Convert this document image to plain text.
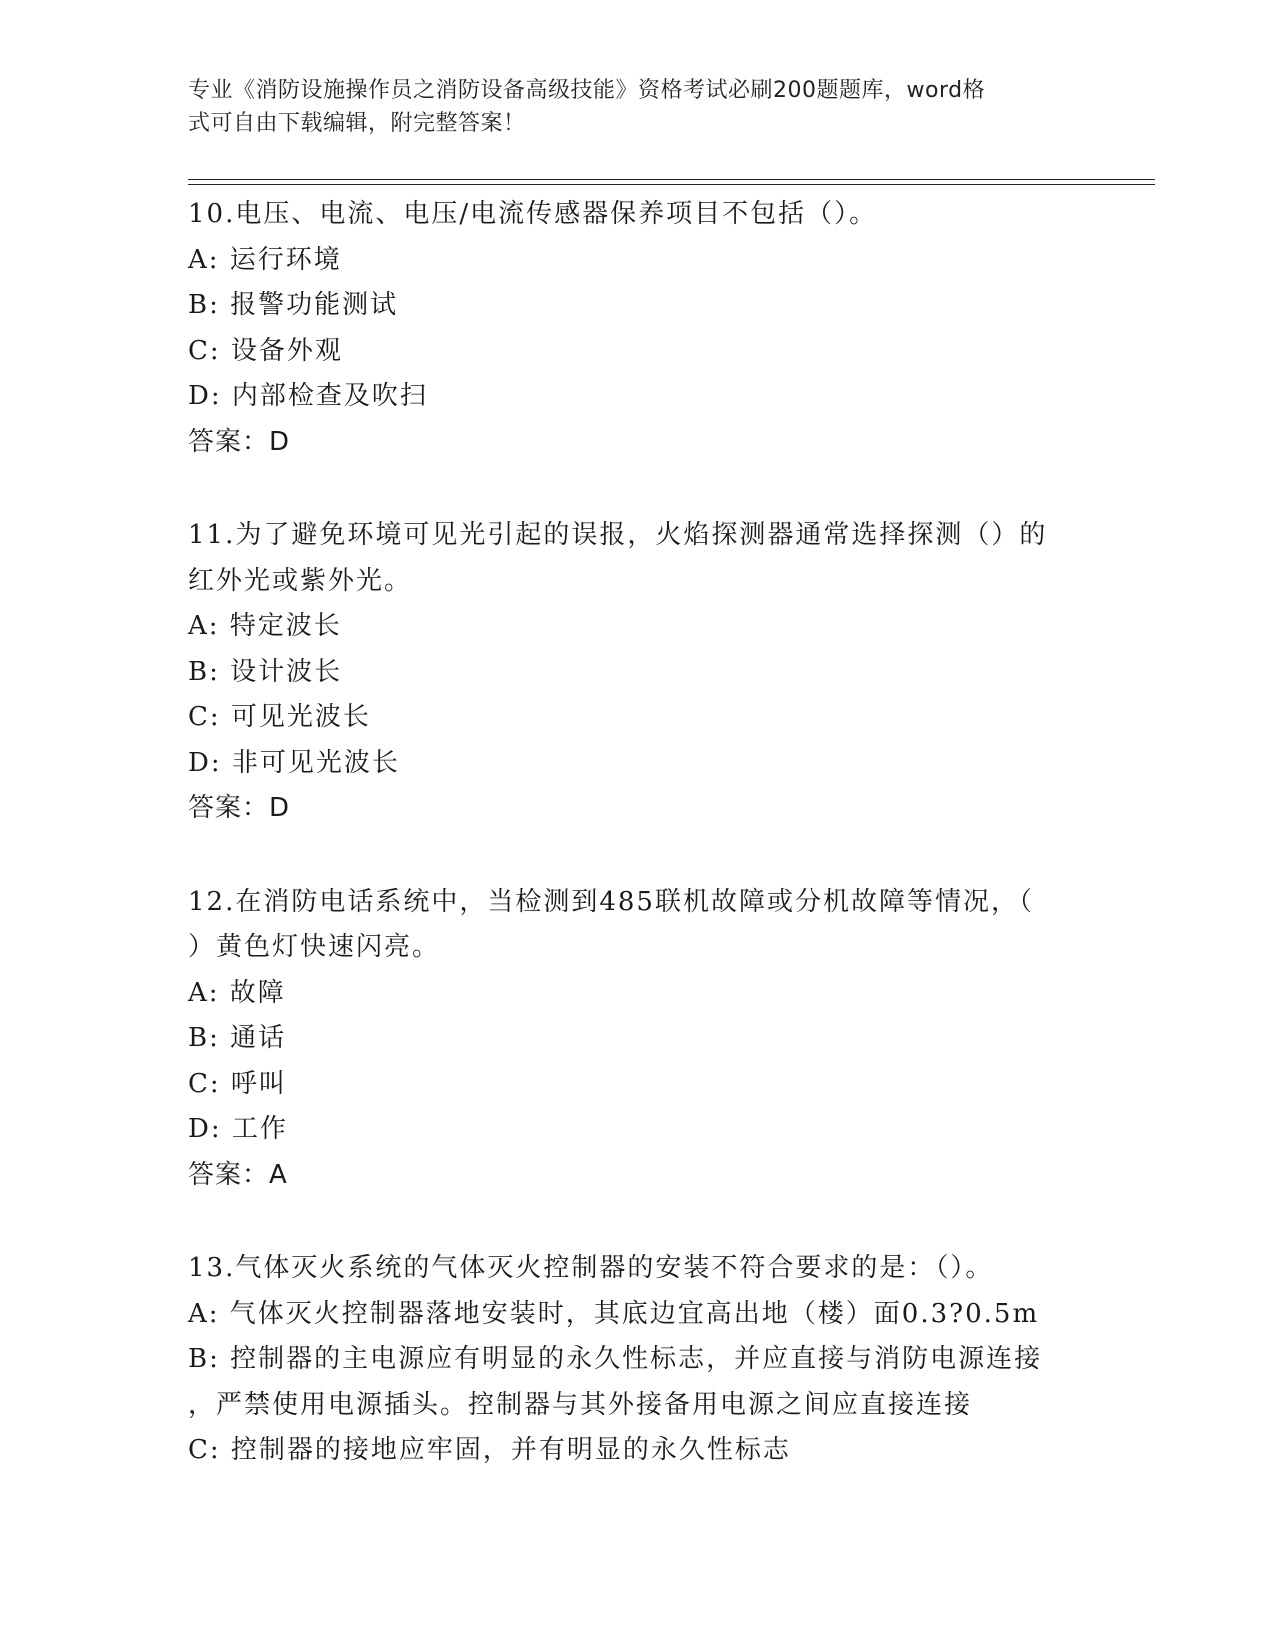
专业《消防设施操作员之消防设备高级技能》资格考试必刷200题题库，word格
式可自由下载编辑，附完整答案！
10.电压、电流、电压/电流传感器保养项目不包括（）。
A: 运行环境
B: 报警功能测试
C: 设备外观
D: 内部检查及吹扫
答案：D
11.为了避免环境可见光引起的误报，火焰探测器通常选择探测（）的
红外光或紫外光。
A: 特定波长
B: 设计波长
C: 可见光波长
D: 非可见光波长
答案：D
12.在消防电话系统中，当检测到485联机故障或分机故障等情况，（
）黄色灯快速闪亮。
A: 故障
B: 通话
C: 呼叫
D: 工作
答案：A
13.气体灭火系统的气体灭火控制器的安装不符合要求的是：（）。
A: 气体灭火控制器落地安装时，其底边宜高出地（楼）面0.3?0.5m
B: 控制器的主电源应有明显的永久性标志，并应直接与消防电源连接
，严禁使用电源插头。控制器与其外接备用电源之间应直接连接
C: 控制器的接地应牢固，并有明显的永久性标志
